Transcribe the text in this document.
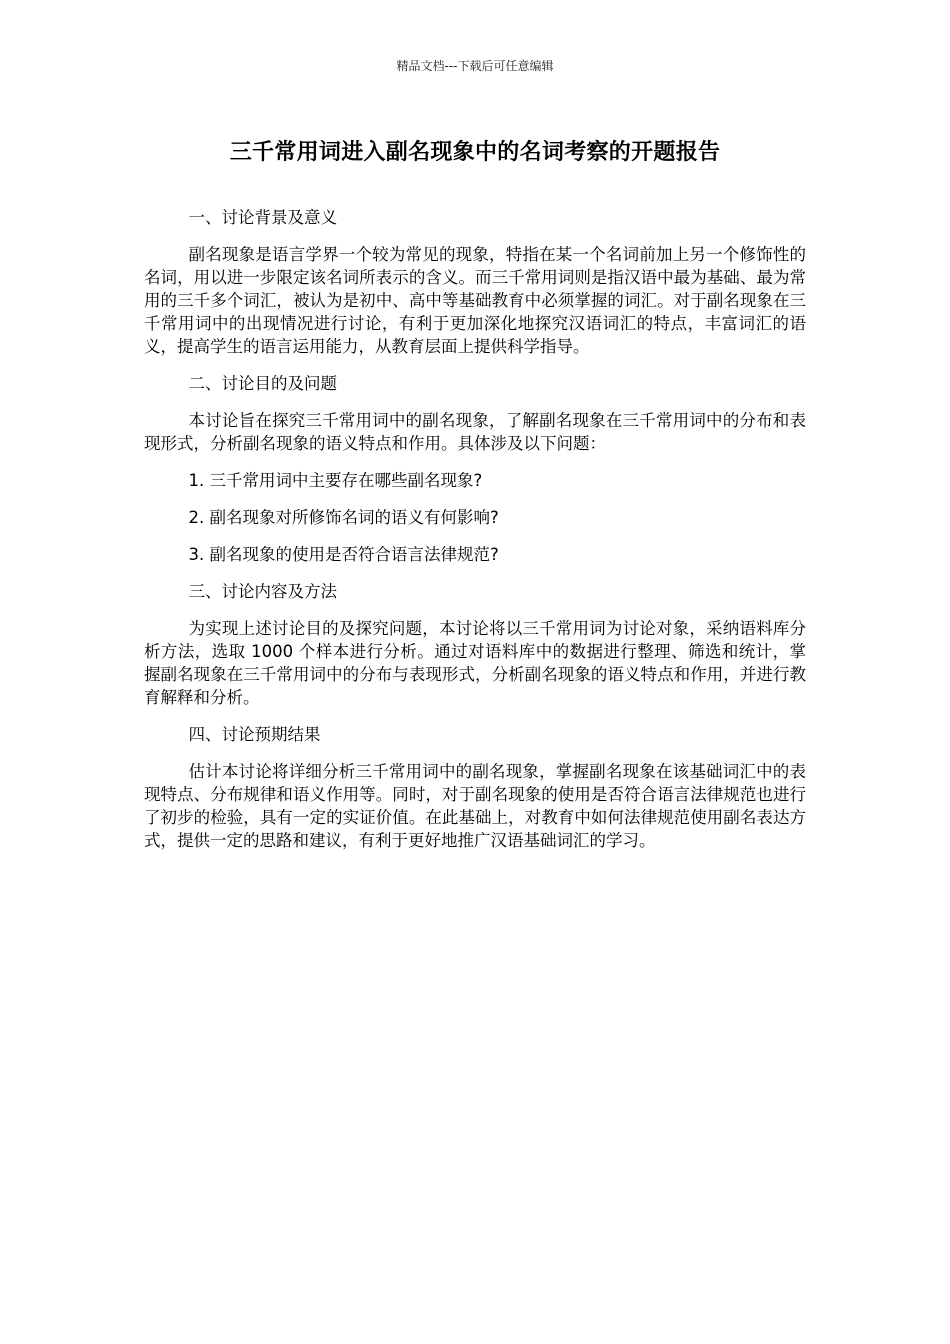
精品文档---下载后可任意编辑
三千常用词进入副名现象中的名词考察的开题报告
一、讨论背景及意义
副名现象是语言学界一个较为常见的现象，特指在某一个名词前加上另一个修饰性的名词，用以进一步限定该名词所表示的含义。而三千常用词则是指汉语中最为基础、最为常用的三千多个词汇，被认为是初中、高中等基础教育中必须掌握的词汇。对于副名现象在三千常用词中的出现情况进行讨论，有利于更加深化地探究汉语词汇的特点，丰富词汇的语义，提高学生的语言运用能力，从教育层面上提供科学指导。
二、讨论目的及问题
本讨论旨在探究三千常用词中的副名现象，了解副名现象在三千常用词中的分布和表现形式，分析副名现象的语义特点和作用。具体涉及以下问题：
1. 三千常用词中主要存在哪些副名现象?
2. 副名现象对所修饰名词的语义有何影响?
3. 副名现象的使用是否符合语言法律规范?
三、讨论内容及方法
为实现上述讨论目的及探究问题，本讨论将以三千常用词为讨论对象，采纳语料库分析方法，选取 1000 个样本进行分析。通过对语料库中的数据进行整理、筛选和统计，掌握副名现象在三千常用词中的分布与表现形式，分析副名现象的语义特点和作用，并进行教育解释和分析。
四、讨论预期结果
估计本讨论将详细分析三千常用词中的副名现象，掌握副名现象在该基础词汇中的表现特点、分布规律和语义作用等。同时，对于副名现象的使用是否符合语言法律规范也进行了初步的检验，具有一定的实证价值。在此基础上，对教育中如何法律规范使用副名表达方式，提供一定的思路和建议，有利于更好地推广汉语基础词汇的学习。
